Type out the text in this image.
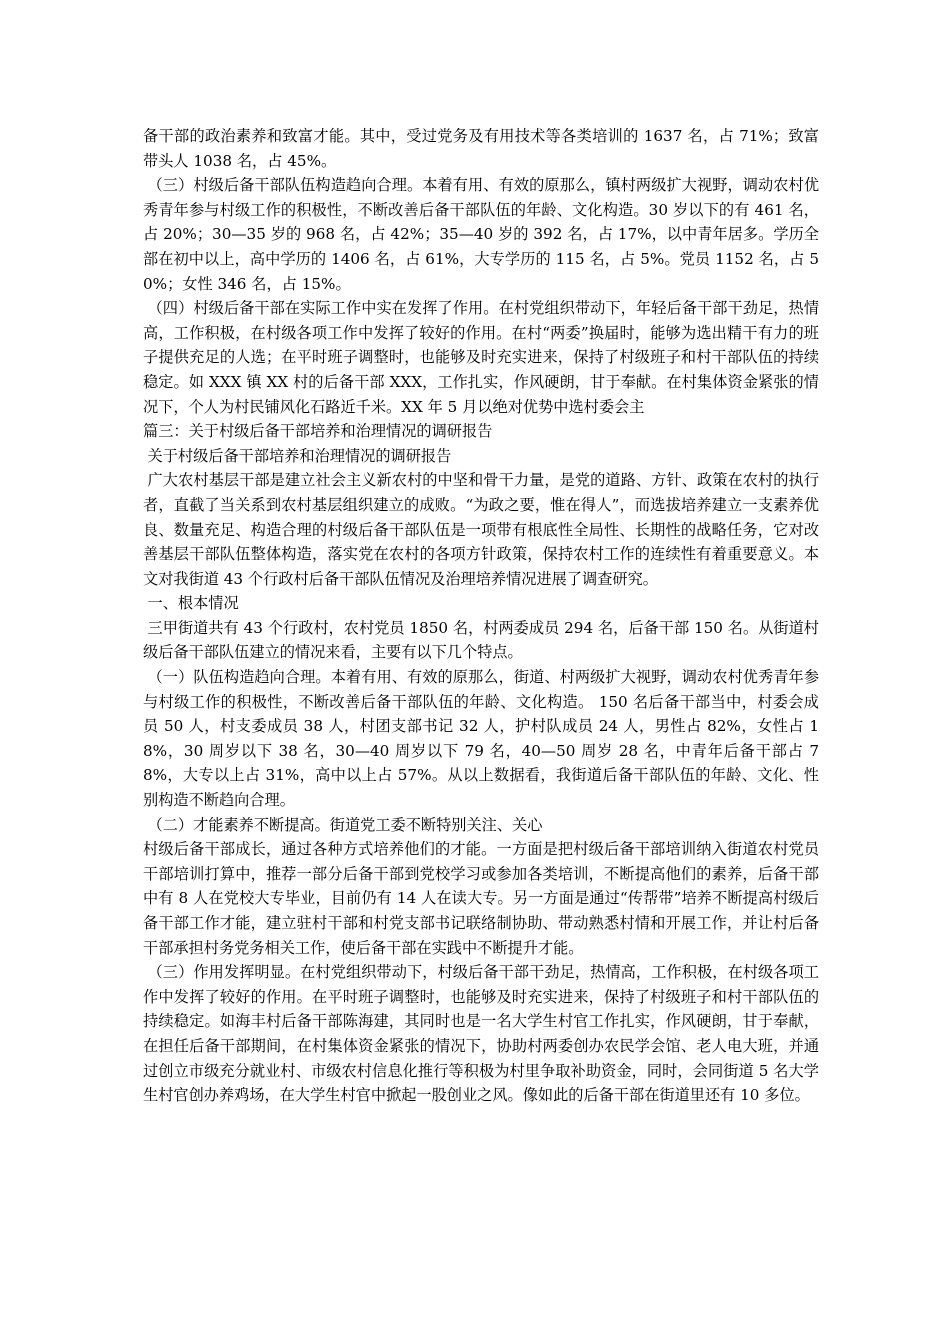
备干部的政治素养和致富才能。其中，受过党务及有用技术等各类培训的 1637 名，占 71%；致富带头人 1038 名，占 45%。

（三）村级后备干部队伍构造趋向合理。本着有用、有效的原那么，镇村两级扩大视野，调动农村优秀青年参与村级工作的积极性，不断改善后备干部队伍的年龄、文化构造。30 岁以下的有 461 名，占 20%；30—35 岁的 968 名，占 42%；35—40 岁的 392 名，占 17%，以中青年居多。学历全部在初中以上，高中学历的 1406 名，占 61%，大专学历的 115 名，占 5%。党员 1152 名，占 50%；女性 346 名，占 15%。

（四）村级后备干部在实际工作中实在发挥了作用。在村党组织带动下，年轻后备干部干劲足，热情高，工作积极，在村级各项工作中发挥了较好的作用。在村“两委”换届时，能够为选出精干有力的班子提供充足的人选；在平时班子调整时，也能够及时充实进来，保持了村级班子和村干部队伍的持续稳定。如 XXX 镇 XX 村的后备干部 XXX，工作扎实，作风硬朗，甘于奉献。在村集体资金紧张的情况下，个人为村民铺风化石路近千米。XX 年 5 月以绝对优势中选村委会主

篇三：关于村级后备干部培养和治理情况的调研报告

关于村级后备干部培养和治理情况的调研报告

广大农村基层干部是建立社会主义新农村的中坚和骨干力量，是党的道路、方针、政策在农村的执行者，直截了当关系到农村基层组织建立的成败。“为政之要，惟在得人”，而选拔培养建立一支素养优良、数量充足、构造合理的村级后备干部队伍是一项带有根底性全局性、长期性的战略任务，它对改善基层干部队伍整体构造，落实党在农村的各项方针政策，保持农村工作的连续性有着重要意义。本文对我街道 43 个行政村后备干部队伍情况及治理培养情况进展了调查研究。

一、根本情况

三甲街道共有 43 个行政村，农村党员 1850 名，村两委成员 294 名，后备干部 150 名。从街道村级后备干部队伍建立的情况来看，主要有以下几个特点。

（一）队伍构造趋向合理。本着有用、有效的原那么，街道、村两级扩大视野，调动农村优秀青年参与村级工作的积极性，不断改善后备干部队伍的年龄、文化构造。 150 名后备干部当中，村委会成员 50 人，村支委成员 38 人，村团支部书记 32 人，护村队成员 24 人，男性占 82%，女性占 18%，30 周岁以下 38 名，30—40 周岁以下 79 名，40—50 周岁 28 名，中青年后备干部占 78%，大专以上占 31%，高中以上占 57%。从以上数据看，我街道后备干部队伍的年龄、文化、性别构造不断趋向合理。

（二）才能素养不断提高。街道党工委不断特别关注、关心

村级后备干部成长，通过各种方式培养他们的才能。一方面是把村级后备干部培训纳入街道农村党员干部培训打算中，推荐一部分后备干部到党校学习或参加各类培训，不断提高他们的素养，后备干部中有 8 人在党校大专毕业，目前仍有 14 人在读大专。另一方面是通过“传帮带”培养不断提高村级后备干部工作才能，建立驻村干部和村党支部书记联络制协助、带动熟悉村情和开展工作，并让村后备干部承担村务党务相关工作，使后备干部在实践中不断提升才能。

（三）作用发挥明显。在村党组织带动下，村级后备干部干劲足，热情高，工作积极，在村级各项工作中发挥了较好的作用。在平时班子调整时，也能够及时充实进来，保持了村级班子和村干部队伍的持续稳定。如海丰村后备干部陈海建，其同时也是一名大学生村官工作扎实，作风硬朗，甘于奉献，在担任后备干部期间，在村集体资金紧张的情况下，协助村两委创办农民学会馆、老人电大班，并通过创立市级充分就业村、市级农村信息化推行等积极为村里争取补助资金，同时，会同街道 5 名大学生村官创办养鸡场，在大学生村官中掀起一股创业之风。像如此的后备干部在街道里还有 10 多位。
